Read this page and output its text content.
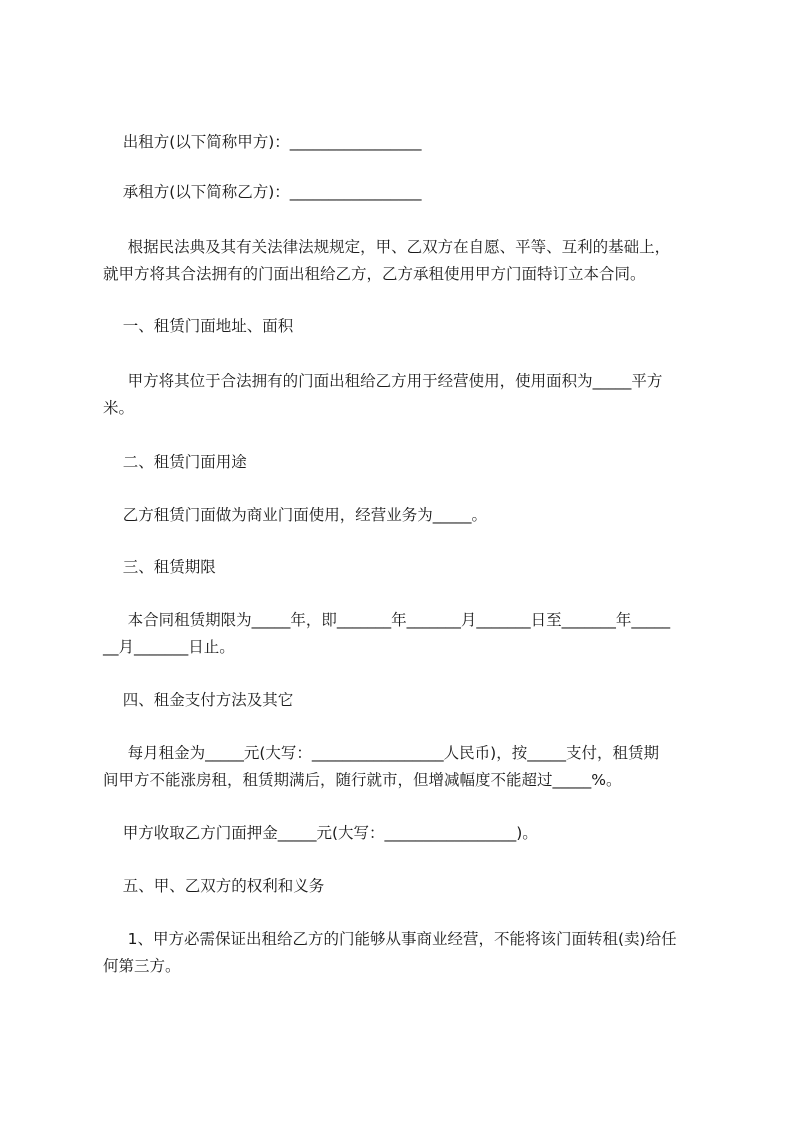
出租方(以下简称甲方)：_________________
承租方(以下简称乙方)：_________________
根据民法典及其有关法律法规规定，甲、乙双方在自愿、平等、互利的基础上，
就甲方将其合法拥有的门面出租给乙方，乙方承租使用甲方门面特订立本合同。
一、租赁门面地址、面积
甲方将其位于合法拥有的门面出租给乙方用于经营使用，使用面积为_____平方
米。
二、租赁门面用途
乙方租赁门面做为商业门面使用，经营业务为_____。
三、租赁期限
本合同租赁期限为_____年，即_______年_______月_______日至_______年_____
__月_______日止。
四、租金支付方法及其它
每月租金为_____元(大写：_________________人民币)，按_____支付，租赁期
间甲方不能涨房租，租赁期满后，随行就市，但增减幅度不能超过_____%。
甲方收取乙方门面押金_____元(大写：_________________)。
五、甲、乙双方的权利和义务
1、甲方必需保证出租给乙方的门能够从事商业经营，不能将该门面转租(卖)给任
何第三方。
